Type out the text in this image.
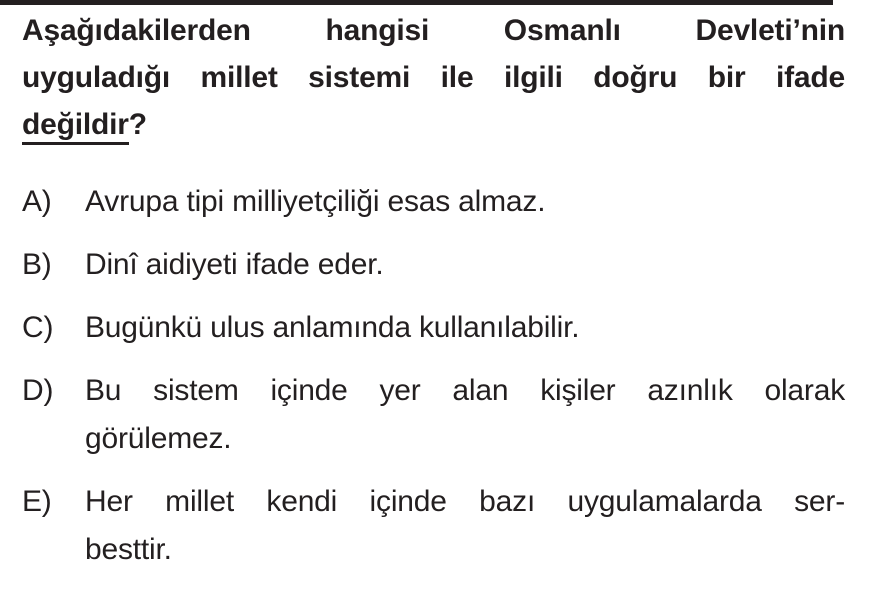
Aşağıdakilerden hangisi Osmanlı Devleti’nin
uyguladığı millet sistemi ile ilgili doğru bir ifade
değildir?
A) Avrupa tipi milliyetçiliği esas almaz.
B) Dinî aidiyeti ifade eder.
C) Bugünkü ulus anlamında kullanılabilir.
D) Bu sistem içinde yer alan kişiler azınlık olarak
görülemez.
E) Her millet kendi içinde bazı uygulamalarda ser-
besttir.
